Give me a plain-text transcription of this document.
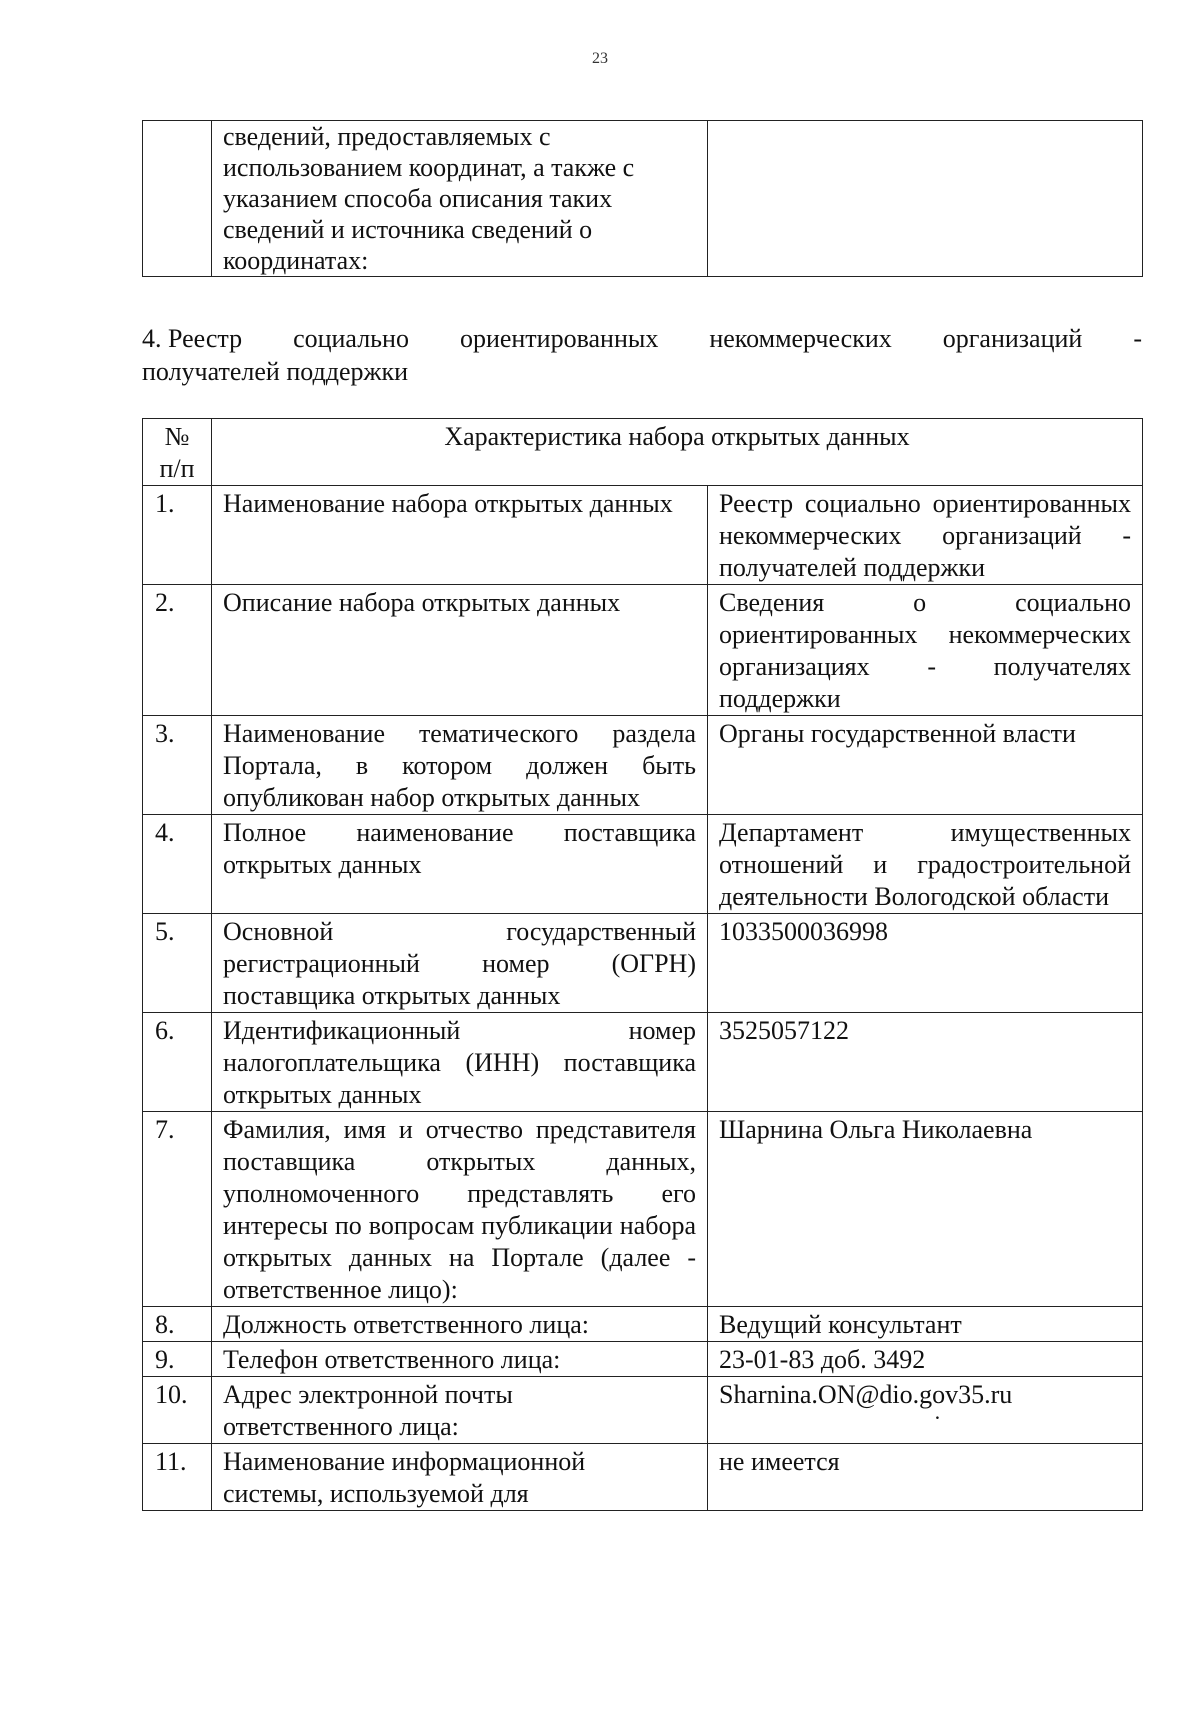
23

сведений, предоставляемых с
использованием координат, а также с
указанием способа описания таких
сведений и источника сведений о
координатах:

4. Реестр социально ориентированных некоммерческих организаций -
получателей поддержки
№ п/п	Характеристика набора открытых данных	
1.	Наименование набора открытых данных	Реестр социально ориентированных некоммерческих организаций - получателей поддержки
2.	Описание набора открытых данных	Сведения о социально ориентированных некоммерческих организациях - получателях поддержки
3.	Наименование тематического раздела Портала, в котором должен быть опубликован набор открытых данных	Органы государственной власти
4.	Полное наименование поставщика открытых данных	Департамент имущественных отношений и градостроительной деятельности Вологодской области
5.	Основной государственный регистрационный номер (ОГРН) поставщика открытых данных	1033500036998
6.	Идентификационный номер налогоплательщика (ИНН) поставщика открытых данных	3525057122
7.	Фамилия, имя и отчество представителя поставщика открытых данных, уполномоченного представлять его интересы по вопросам публикации набора открытых данных на Портале (далее - ответственное лицо):	Шарнина Ольга Николаевна
8.	Должность ответственного лица:	Ведущий консультант
9.	Телефон ответственного лица:	23-01-83 доб. 3492
10.	Адрес электронной почты ответственного лица:	Sharnina.ON@dio.gov35.ru
·

11.	Наименование информационной системы, используемой для	не имеется
